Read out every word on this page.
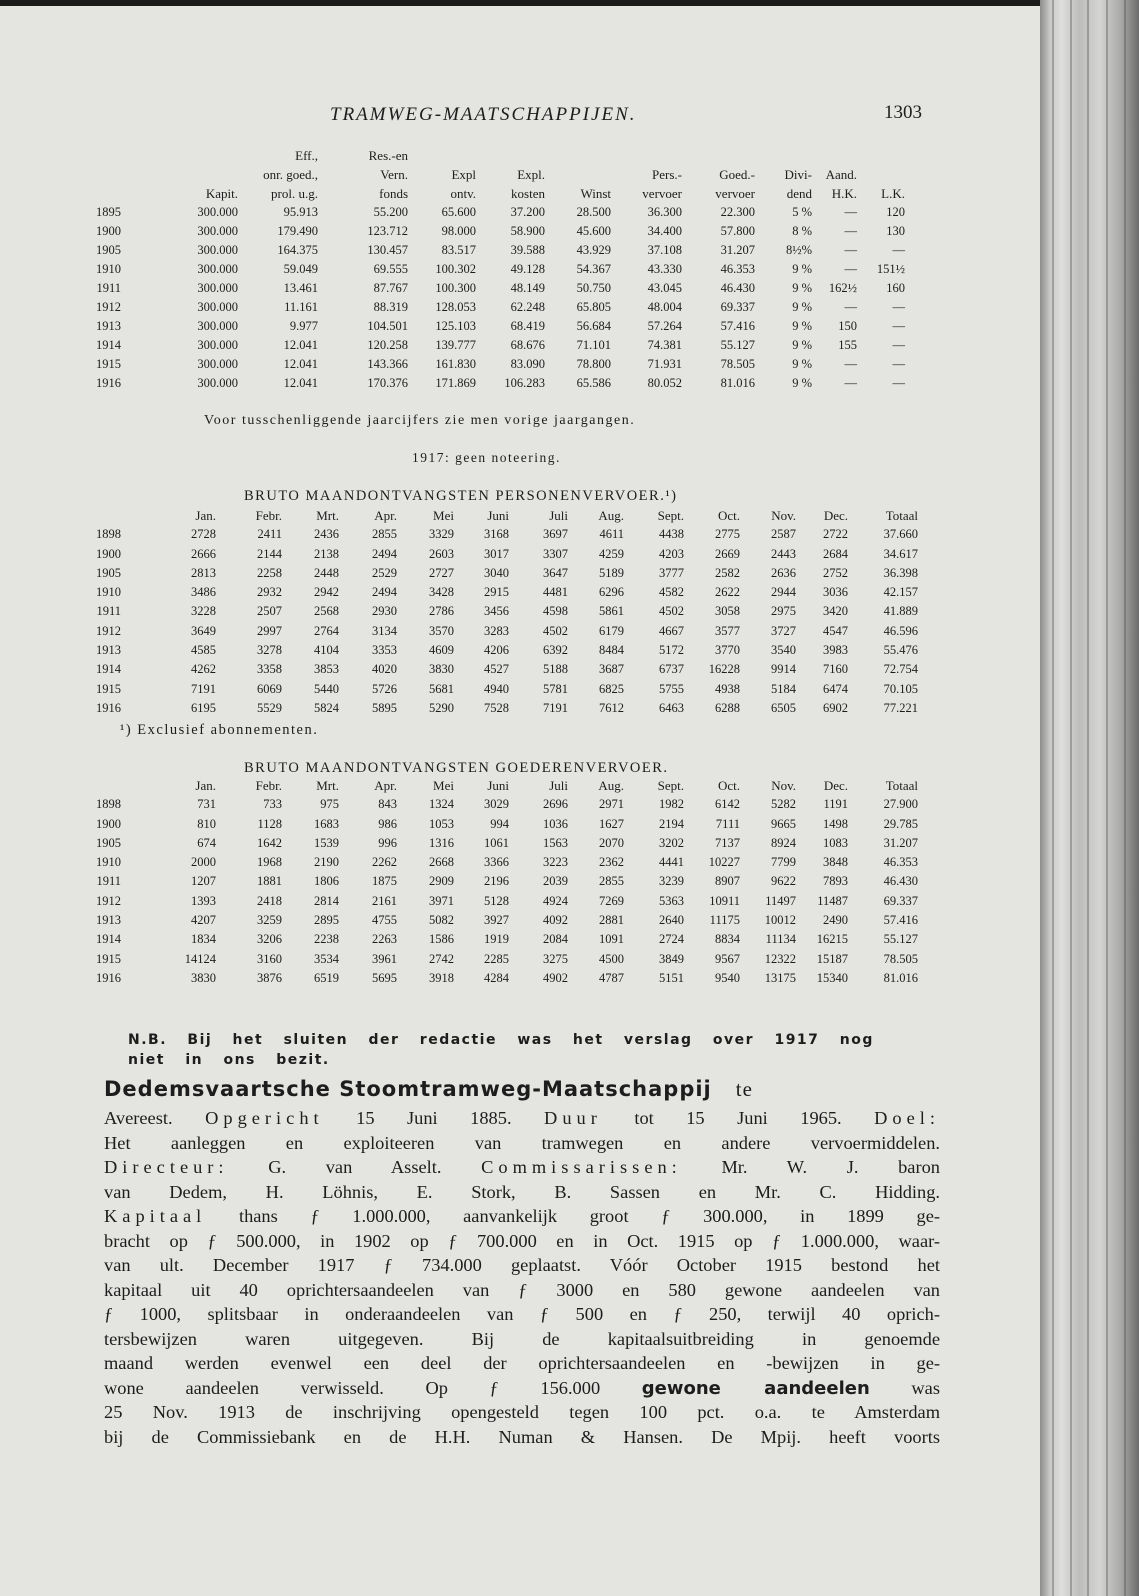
TRAMWEG-MAATSCHAPPIJEN.	1303
Eff.,	Res.-en
onr. goed.,	Vern.	Expl	Expl.	Pers.-	Goed.- Divi- Aand.
Kapit.	prol. u.g.	fonds	ontv.	kosten	Winst vervoer	vervoer dend H.K. L.K.
1895	300.000	95.913	55.200	65.600	37.200	28.500	36.300	22.300	5 %	— 120
1900	300.000	179.490	123.712	98.000	58.900	45.600	34.400	57.800	8 %	— 130
1905	300.000	164.375	130.457	83.517	39.588	43.929	37.108	31.207 8½%	—	—
1910	300.000	59.049	69.555 100.302	49.128	54.367	43.330	46.353	9 %	— 151½
1911	300.000	13.461	87.767 100.300	48.149	50.750	43.045	46.430	9 % 162½ 160
1912	300.000	11.161	88.319 128.053	62.248	65.805	48.004	69.337	9 %	—	—
1913	300.000	9.977	104.501 125.103	68.419	56.684	57.264	57.416	9 % 150	—
1914	300.000	12.041	120.258 139.777	68.676	71.101	74.381	55.127	9 % 155	—
1915	300.000	12.041	143.366 161.830	83.090	78.800	71.931	78.505	9 %	—	—
1916	300.000	12.041	170.376 171.869 106.283	65.586	80.052	81.016	9 %	—	—
Voor tusschenliggende jaarcijfers zie men vorige jaargangen.
1917: geen noteering.
BRUTO MAANDONTVANGSTEN PERSONENVERVOER.¹)
Jan.	Febr.	Mrt.	Apr.	Mei	Juni	Juli Aug.	Sept.	Oct. Nov. Dec.	Totaal
1898	2728	2411	2436	2855	3329 3168	3697	4611	4438 2775 2587 2722	37.660
1900	2666	2144	2138	2494	2603 3017	3307 4259	4203 2669 2443 2684	34.617
1905	2813	2258	2448	2529	2727 3040	3647 5189	3777 2582 2636 2752	36.398
1910	3486	2932	2942	2494	3428 2915	4481 6296	4582 2622 2944 3036	42.157
1911	3228	2507	2568	2930	2786 3456	4598 5861	4502 3058 2975 3420	41.889
1912	3649	2997	2764	3134	3570 3283	4502 6179	4667 3577 3727 4547	46.596
1913	4585	3278	4104	3353	4609 4206	6392 8484	5172 3770 3540 3983	55.476
1914	4262	3358	3853	4020	3830 4527	5188 3687	6737 16228 9914 7160	72.754
1915	7191	6069	5440	5726	5681 4940	5781 6825	5755 4938 5184 6474	70.105
1916	6195	5529	5824	5895	5290 7528	7191 7612	6463 6288 6505 6902	77.221
¹) Exclusief abonnementen.
BRUTO MAANDONTVANGSTEN GOEDERENVERVOER.
Jan.	Febr.	Mrt.	Apr.	Mei	Juni	Juli Aug.	Sept.	Oct. Nov. Dec.	Totaal
1898	731	733	975	843	1324 3029	2696 2971	1982 6142 5282 1191	27.900
1900	810	1128	1683	986	1053	994	1036 1627	2194	7111 9665 1498	29.785
1905	674	1642	1539	996	1316 1061	1563 2070	3202 7137 8924 1083	31.207
1910	2000	1968	2190	2262	2668 3366	3223 2362	4441 10227 7799 3848	46.353
1911	1207	1881	1806	1875	2909 2196	2039 2855	3239 8907 9622 7893	46.430
1912	1393	2418	2814	2161	3971 5128	4924 7269	5363 10911 11497 11487	69.337
1913	4207	3259	2895	4755	5082 3927	4092 2881	2640 11175 10012 2490	57.416
1914	1834	3206	2238	2263	1586 1919	2084 1091	2724 8834 11134 16215	55.127
1915	14124	3160	3534	3961	2742 2285	3275 4500	3849 9567 12322 15187	78.505
1916	3830	3876	6519	5695	3918 4284	4902 4787	5151 9540 13175 15340	81.016
N.B. Bij het sluiten der redactie was het verslag over 1917 nog
niet in ons bezit.
Dedemsvaartsche Stoomtramweg-Maatschappij te
Avereest. Opgericht 15 Juni 1885. Duur tot 15 Juni 1965. Doel:
Het aanleggen en exploiteeren van tramwegen en andere vervoermiddelen.
Directeur: G. van Asselt. Commissarissen: Mr. W. J. baron
van Dedem, H. Löhnis, E. Stork, B. Sassen en Mr. C. Hidding.
Kapitaal thans ƒ 1.000.000, aanvankelijk groot ƒ 300.000, in 1899 ge-
bracht op ƒ 500.000, in 1902 op ƒ 700.000 en in Oct. 1915 op ƒ 1.000.000, waar-
van ult. December 1917 ƒ 734.000 geplaatst. Vóór October 1915 bestond het
kapitaal uit 40 oprichtersaandeelen van ƒ 3000 en 580 gewone aandeelen van
ƒ 1000, splitsbaar in onderaandeelen van ƒ 500 en ƒ 250, terwijl 40 oprich-
tersbewijzen waren uitgegeven. Bij de kapitaalsuitbreiding in genoemde
maand werden evenwel een deel der oprichtersaandeelen en -bewijzen in ge-
wone aandeelen verwisseld. Op ƒ 156.000 gewone aandeelen was
25 Nov. 1913 de inschrijving opengesteld tegen 100 pct. o.a. te Amsterdam
bij de Commissiebank en de H.H. Numan & Hansen. De Mpij. heeft voorts
